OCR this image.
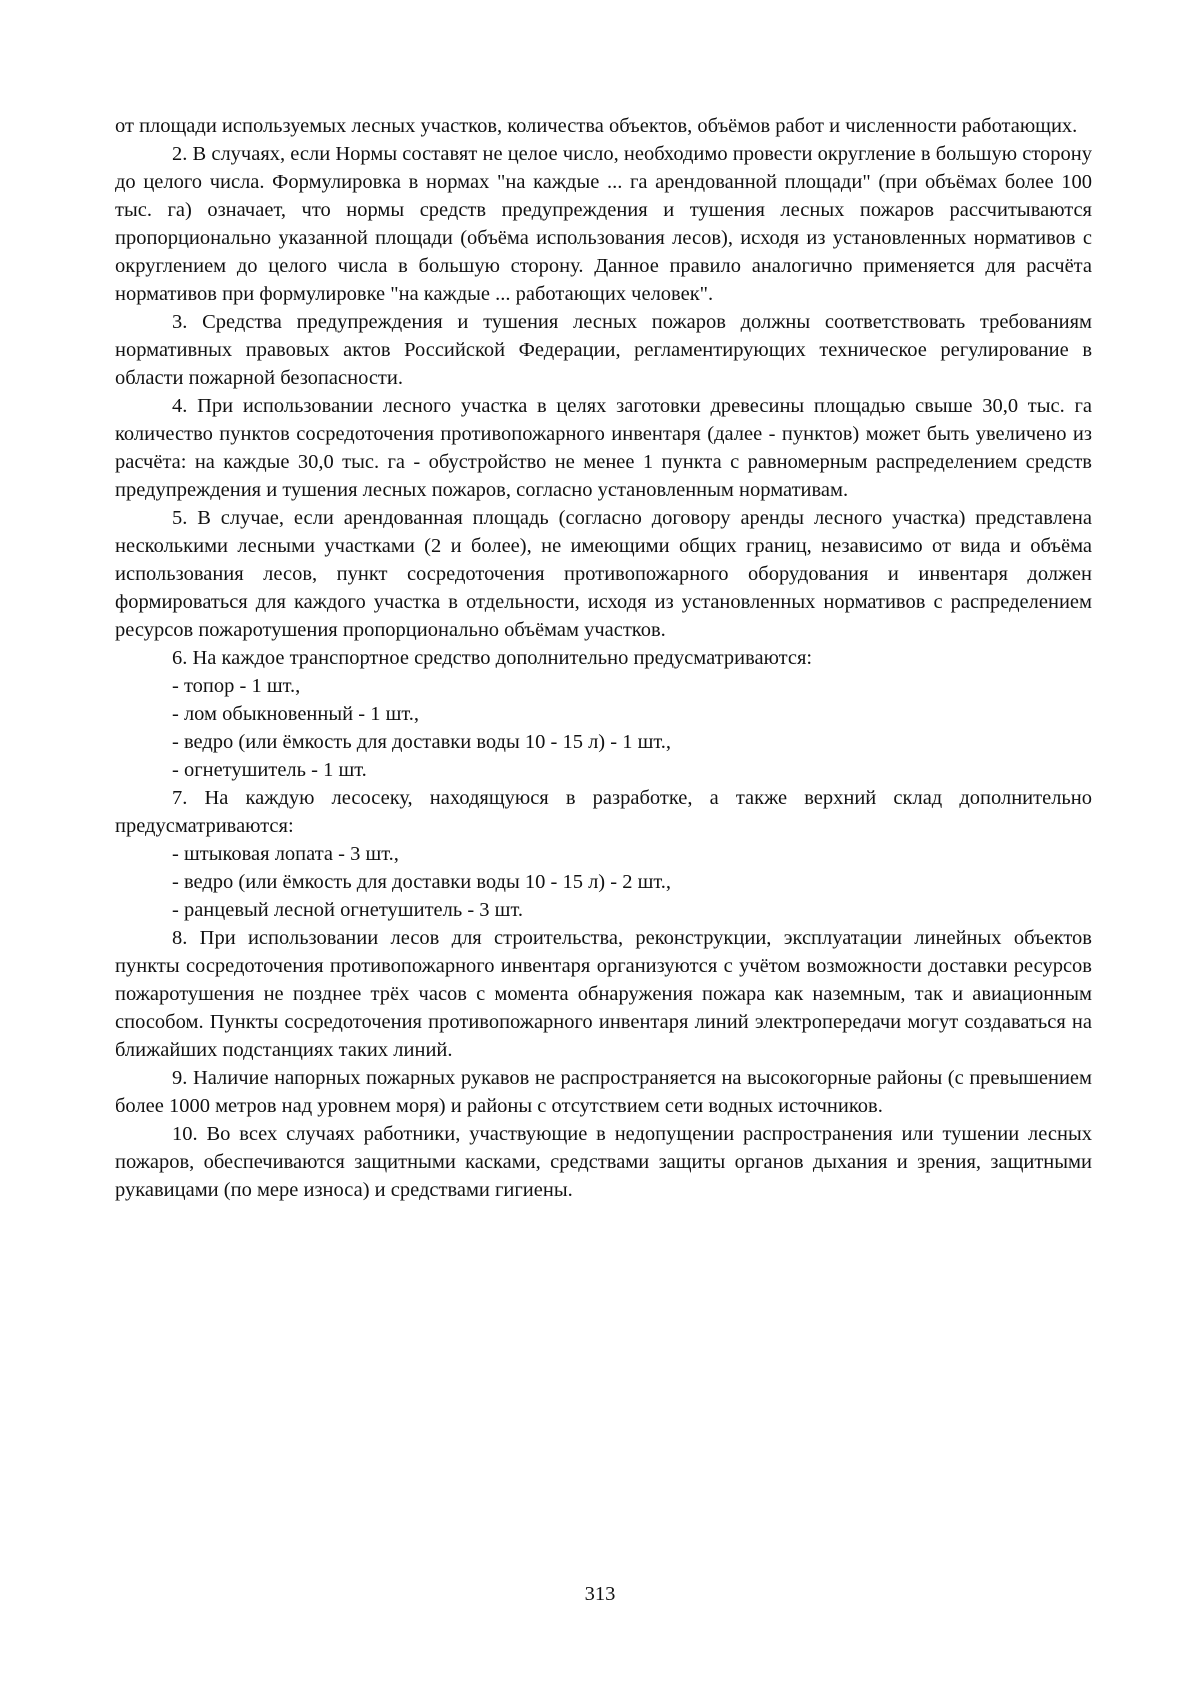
от площади используемых лесных участков, количества объектов, объёмов работ и численности работающих.

2. В случаях, если Нормы составят не целое число, необходимо провести округление в большую сторону до целого числа. Формулировка в нормах "на каждые ... га арендованной площади" (при объёмах более 100 тыс. га) означает, что нормы средств предупреждения и тушения лесных пожаров рассчитываются пропорционально указанной площади (объёма использования лесов), исходя из установленных нормативов с округлением до целого числа в большую сторону. Данное правило аналогично применяется для расчёта нормативов при формулировке "на каждые ... работающих человек".

3. Средства предупреждения и тушения лесных пожаров должны соответствовать требованиям нормативных правовых актов Российской Федерации, регламентирующих техническое регулирование в области пожарной безопасности.

4. При использовании лесного участка в целях заготовки древесины площадью свыше 30,0 тыс. га количество пунктов сосредоточения противопожарного инвентаря (далее - пунктов) может быть увеличено из расчёта: на каждые 30,0 тыс. га - обустройство не менее 1 пункта с равномерным распределением средств предупреждения и тушения лесных пожаров, согласно установленным нормативам.

5. В случае, если арендованная площадь (согласно договору аренды лесного участка) представлена несколькими лесными участками (2 и более), не имеющими общих границ, независимо от вида и объёма использования лесов, пункт сосредоточения противопожарного оборудования и инвентаря должен формироваться для каждого участка в отдельности, исходя из установленных нормативов с распределением ресурсов пожаротушения пропорционально объёмам участков.

6. На каждое транспортное средство дополнительно предусматриваются:

- топор - 1 шт.,

- лом обыкновенный - 1 шт.,

- ведро (или ёмкость для доставки воды 10 - 15 л) - 1 шт.,

- огнетушитель - 1 шт.

7. На каждую лесосеку, находящуюся в разработке, а также верхний склад дополнительно предусматриваются:

- штыковая лопата - 3 шт.,

- ведро (или ёмкость для доставки воды 10 - 15 л) - 2 шт.,

- ранцевый лесной огнетушитель - 3 шт.

8. При использовании лесов для строительства, реконструкции, эксплуатации линейных объектов пункты сосредоточения противопожарного инвентаря организуются с учётом возможности доставки ресурсов пожаротушения не позднее трёх часов с момента обнаружения пожара как наземным, так и авиационным способом. Пункты сосредоточения противопожарного инвентаря линий электропередачи могут создаваться на ближайших подстанциях таких линий.

9. Наличие напорных пожарных рукавов не распространяется на высокогорные районы (с превышением более 1000 метров над уровнем моря) и районы с отсутствием сети водных источников.

10. Во всех случаях работники, участвующие в недопущении распространения или тушении лесных пожаров, обеспечиваются защитными касками, средствами защиты органов дыхания и зрения, защитными рукавицами (по мере износа) и средствами гигиены.

313
